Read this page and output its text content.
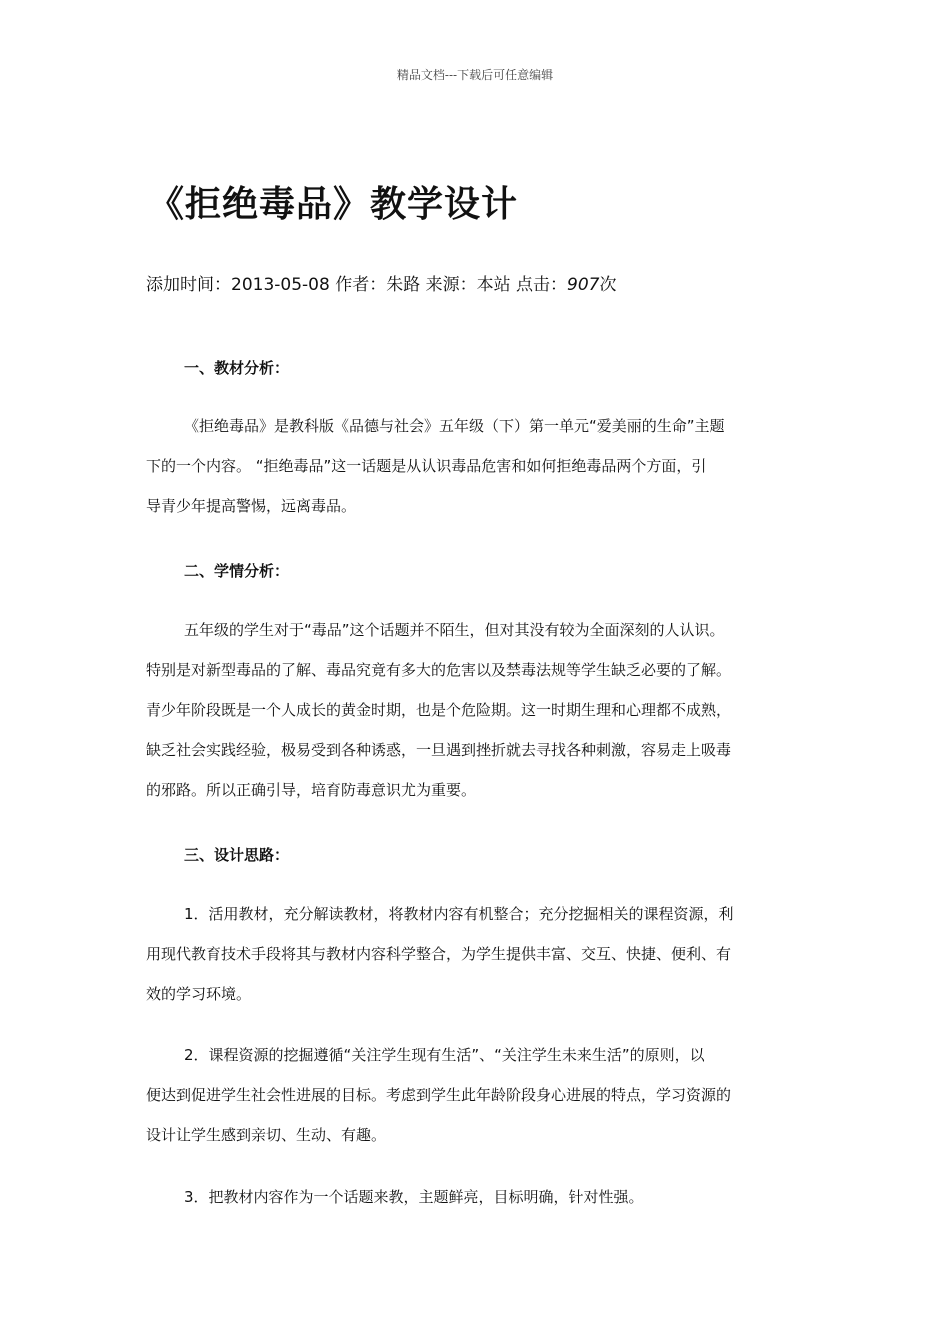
精品文档---下载后可任意编辑
《拒绝毒品》教学设计
添加时间：2013-05-08 作者：朱路 来源：本站 点击：907次
一、教材分析：
《拒绝毒品》是教科版《品德与社会》五年级（下）第一单元“爱美丽的生命”主题
下的一个内容。 “拒绝毒品”这一话题是从认识毒品危害和如何拒绝毒品两个方面，引
导青少年提高警惕，远离毒品。
二、学情分析：
五年级的学生对于“毒品”这个话题并不陌生，但对其没有较为全面深刻的人认识。
特别是对新型毒品的了解、毒品究竟有多大的危害以及禁毒法规等学生缺乏必要的了解。
青少年阶段既是一个人成长的黄金时期，也是个危险期。这一时期生理和心理都不成熟，
缺乏社会实践经验，极易受到各种诱惑，一旦遇到挫折就去寻找各种刺激，容易走上吸毒
的邪路。所以正确引导，培育防毒意识尤为重要。
三、设计思路：
1．活用教材，充分解读教材，将教材内容有机整合；充分挖掘相关的课程资源，利
用现代教育技术手段将其与教材内容科学整合，为学生提供丰富、交互、快捷、便利、有
效的学习环境。
2．课程资源的挖掘遵循“关注学生现有生活”、“关注学生未来生活”的原则，以
便达到促进学生社会性进展的目标。考虑到学生此年龄阶段身心进展的特点，学习资源的
设计让学生感到亲切、生动、有趣。
3．把教材内容作为一个话题来教，主题鲜亮，目标明确，针对性强。
